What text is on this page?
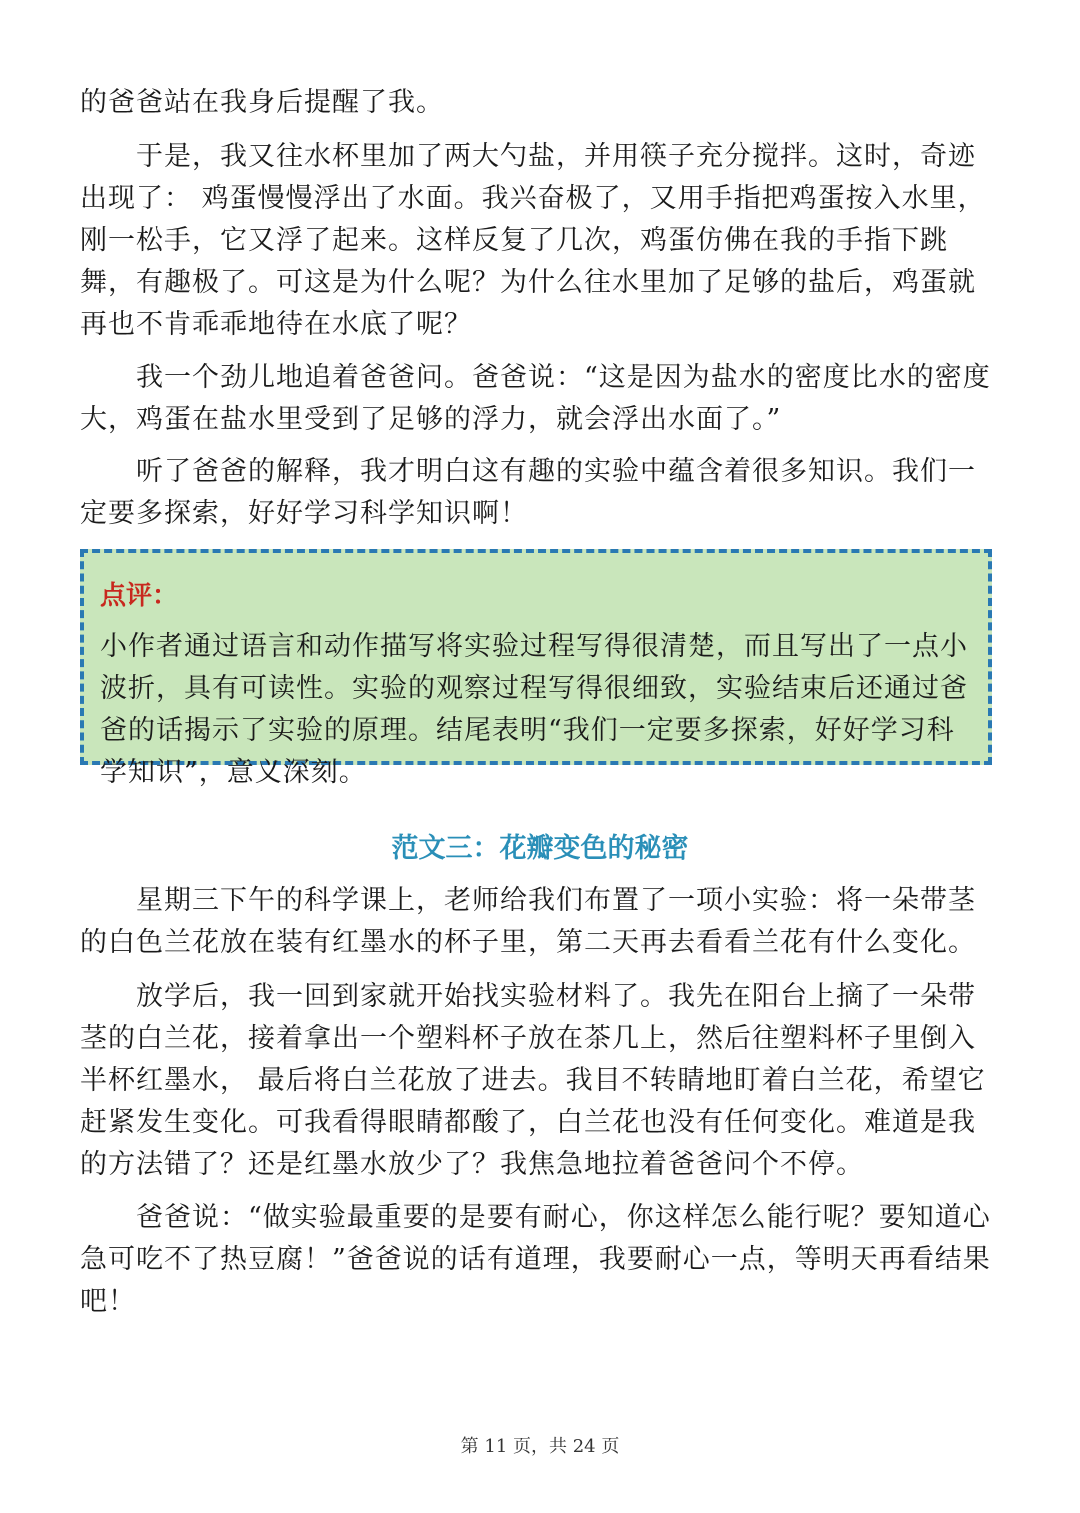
的爸爸站在我身后提醒了我。

于是，我又往水杯里加了两大勺盐，并用筷子充分搅拌。这时，奇迹出现了： 鸡蛋慢慢浮出了水面。我兴奋极了，又用手指把鸡蛋按入水里，刚一松手，它又浮了起来。这样反复了几次，鸡蛋仿佛在我的手指下跳舞，有趣极了。可这是为什么呢？为什么往水里加了足够的盐后，鸡蛋就再也不肯乖乖地待在水底了呢？

我一个劲儿地追着爸爸问。爸爸说：“这是因为盐水的密度比水的密度大，鸡蛋在盐水里受到了足够的浮力，就会浮出水面了。”

听了爸爸的解释，我才明白这有趣的实验中蕴含着很多知识。我们一定要多探索，好好学习科学知识啊！

点评：

小作者通过语言和动作描写将实验过程写得很清楚，而且写出了一点小波折，具有可读性。实验的观察过程写得很细致，实验结束后还通过爸爸的话揭示了实验的原理。结尾表明“我们一定要多探索，好好学习科学知识”，意义深刻。

范文三：花瓣变色的秘密

星期三下午的科学课上，老师给我们布置了一项小实验：将一朵带茎的白色兰花放在装有红墨水的杯子里，第二天再去看看兰花有什么变化。

放学后，我一回到家就开始找实验材料了。我先在阳台上摘了一朵带茎的白兰花，接着拿出一个塑料杯子放在茶几上，然后往塑料杯子里倒入半杯红墨水， 最后将白兰花放了进去。我目不转睛地盯着白兰花，希望它赶紧发生变化。可我看得眼睛都酸了，白兰花也没有任何变化。难道是我的方法错了？还是红墨水放少了？我焦急地拉着爸爸问个不停。

爸爸说：“做实验最重要的是要有耐心，你这样怎么能行呢？要知道心急可吃不了热豆腐！”爸爸说的话有道理，我要耐心一点，等明天再看结果吧！

第 11 页，共 24 页
